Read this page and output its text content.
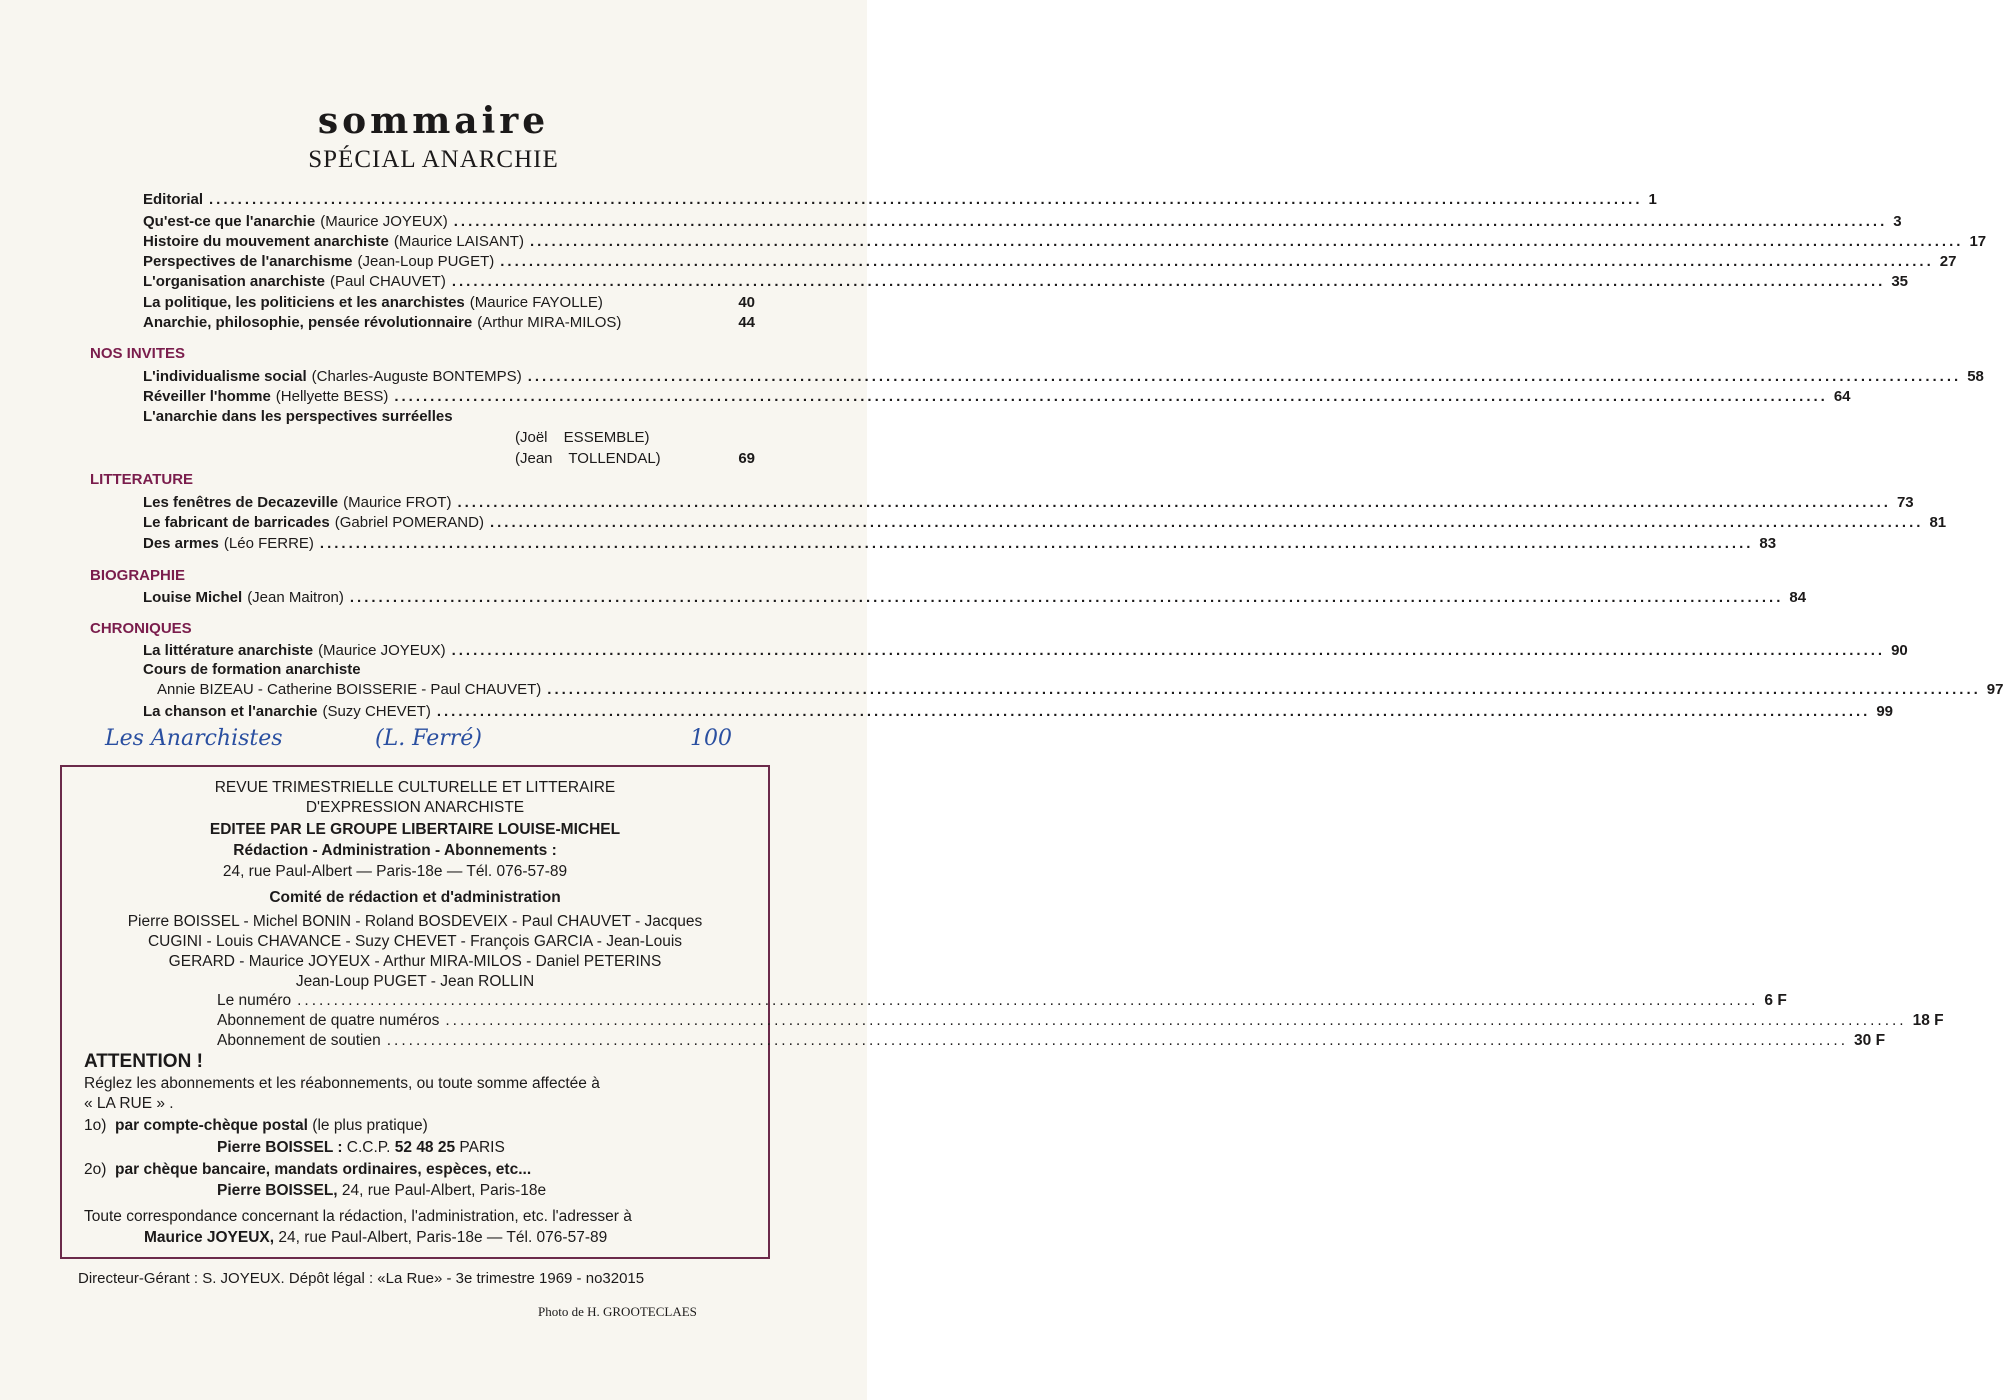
sommaire
SPÉCIAL ANARCHIE
Editorial ........................................................................................................................................................................................................ 1
Qu'est-ce que l'anarchie (Maurice JOYEUX) ........................................................................................................................................................................................................ 3
Histoire du mouvement anarchiste (Maurice LAISANT) ........................................................................................................................................................................................................ 17
Perspectives de l'anarchisme (Jean-Loup PUGET) ........................................................................................................................................................................................................ 27
L'organisation anarchiste (Paul CHAUVET) ........................................................................................................................................................................................................ 35
La politique, les politiciens et les anarchistes (Maurice FAYOLLE)	40
Anarchie, philosophie, pensée révolutionnaire (Arthur MIRA-MILOS)	44
NOS INVITES
L'individualisme social (Charles-Auguste BONTEMPS) ........................................................................................................................................................................................................ 58
Réveiller l'homme (Hellyette BESS) ........................................................................................................................................................................................................ 64
L'anarchie dans les perspectives surréelles
(Joël ESSEMBLE)
(Jean TOLLENDAL)	69
LITTERATURE
Les fenêtres de Decazeville (Maurice FROT) ........................................................................................................................................................................................................ 73
Le fabricant de barricades (Gabriel POMERAND) ........................................................................................................................................................................................................ 81
Des armes (Léo FERRE) ........................................................................................................................................................................................................ 83
BIOGRAPHIE
Louise Michel (Jean Maitron) ........................................................................................................................................................................................................ 84
CHRONIQUES
La littérature anarchiste (Maurice JOYEUX) ........................................................................................................................................................................................................ 90
Cours de formation anarchiste
Annie BIZEAU - Catherine BOISSERIE - Paul CHAUVET) ........................................................................................................................................................................................................ 97
La chanson et l'anarchie (Suzy CHEVET) ........................................................................................................................................................................................................ 99
Les Anarchistes	(L. Ferré)	100
REVUE TRIMESTRIELLE CULTURELLE ET LITTERAIRE
D'EXPRESSION ANARCHISTE
EDITEE PAR LE GROUPE LIBERTAIRE LOUISE-MICHEL
Rédaction - Administration - Abonnements :
24, rue Paul-Albert — Paris-18e — Tél. 076-57-89
Comité de rédaction et d'administration
Pierre BOISSEL - Michel BONIN - Roland BOSDEVEIX - Paul CHAUVET - Jacques
CUGINI - Louis CHAVANCE - Suzy CHEVET - François GARCIA - Jean-Louis
GERARD - Maurice JOYEUX - Arthur MIRA-MILOS - Daniel PETERINS
Jean-Loup PUGET - Jean ROLLIN
Le numéro ........................................................................................................................................................................................................ 6 F
Abonnement de quatre numéros ........................................................................................................................................................................................................ 18 F
Abonnement de soutien ........................................................................................................................................................................................................ 30 F
ATTENTION !
Réglez les abonnements et les réabonnements, ou toute somme affectée à
« LA RUE » .
1o) par compte-chèque postal (le plus pratique)
Pierre BOISSEL : C.C.P. 52 48 25 PARIS
2o) par chèque bancaire, mandats ordinaires, espèces, etc...
Pierre BOISSEL, 24, rue Paul-Albert, Paris-18e
Toute correspondance concernant la rédaction, l'administration, etc. l'adresser à
Maurice JOYEUX, 24, rue Paul-Albert, Paris-18e — Tél. 076-57-89
Directeur-Gérant : S. JOYEUX. Dépôt légal : «La Rue» - 3e trimestre 1969 - no32015
Photo de H. GROOTECLAES
